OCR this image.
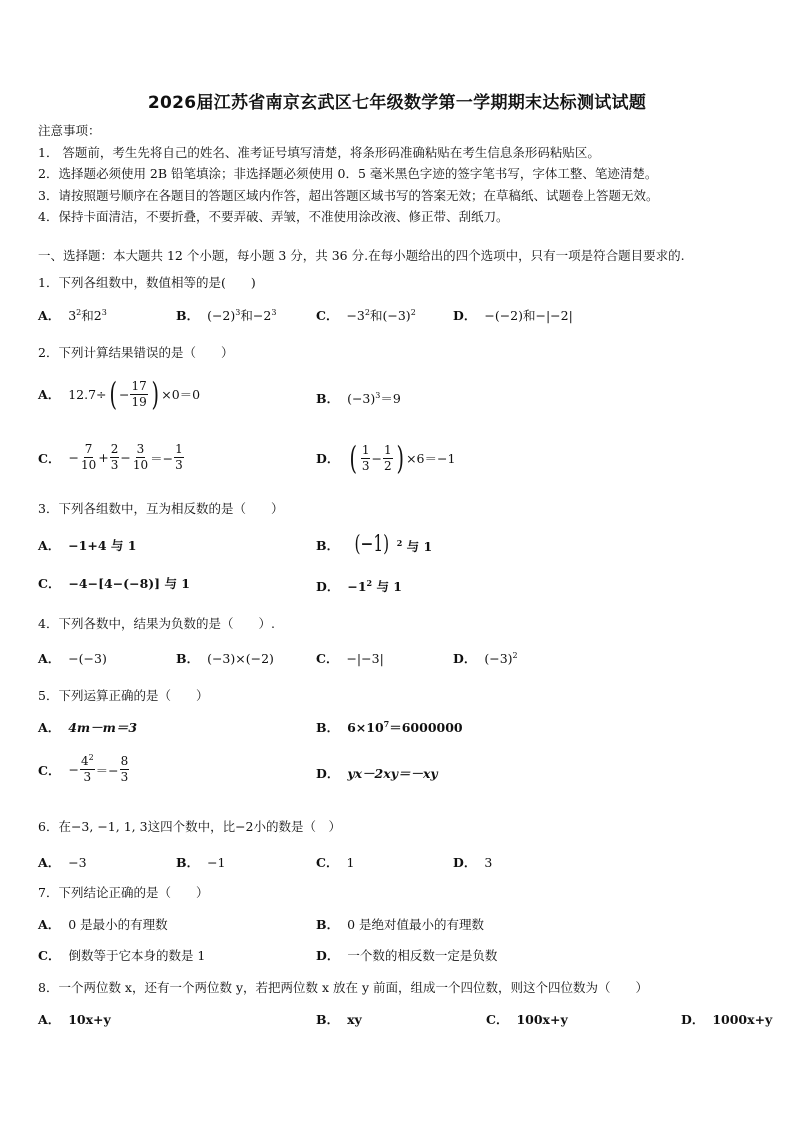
2026届江苏省南京玄武区七年级数学第一学期期末达标测试试题
注意事项：
1． 答题前，考生先将自己的姓名、准考证号填写清楚，将条形码准确粘贴在考生信息条形码粘贴区。
2．选择题必须使用 2B 铅笔填涂；非选择题必须使用 0．5 毫米黑色字迹的签字笔书写，字体工整、笔迹清楚。
3．请按照题号顺序在各题目的答题区域内作答，超出答题区域书写的答案无效；在草稿纸、试题卷上答题无效。
4．保持卡面清洁，不要折叠，不要弄破、弄皱，不准使用涂改液、修正带、刮纸刀。
一、选择题：本大题共 12 个小题，每小题 3 分，共 36 分.在每小题给出的四个选项中，只有一项是符合题目要求的.
1．下列各组数中，数值相等的是(　　)
A． $3^2$和$2^3$	B． $(-2)^3$和$-2^3$	C． $-3^2$和$(-3)^2$	D． −(−2)和−|−2|
2．下列计算结果错误的是（　　）
A． 12.7÷ ( − $\frac{17}{19}$ ) ×0＝0	B． $(-3)^3=9$
C． − $\frac{7}{10} + \frac{2}{3} - \frac{3}{10} =- \frac{1}{3}$	D． ( $\frac{1}{3} - \frac{1}{2}$ ) ×6＝−1
3．下列各组数中，互为相反数的是（　　）
A． −1+4 与 1	B． (−1) $^2$ 与 1
C． −4−[4−(−8)] 与 1	D． $-1^2$ 与 1
4．下列各数中，结果为负数的是（　　）.
A． −(−3)	B． (−3)×(−2)	C． −|−3|	D． $(-3)^2$
5．下列运算正确的是（　　）
A． 4m－m＝3	B． $6\times 10^7=6000000$
C． − $\frac{4^2}{3} =- \frac{8}{3}$	D． yx－2xy＝－xy
6．在−3, −1, 1, 3这四个数中，比−2小的数是（　）
A． −3	B． −1	C． 1	D． 3
7．下列结论正确的是（　　）
A． 0 是最小的有理数	B． 0 是绝对值最小的有理数
C． 倒数等于它本身的数是 1	D． 一个数的相反数一定是负数
8．一个两位数 x，还有一个两位数 y，若把两位数 x 放在 y 前面，组成一个四位数，则这个四位数为（　　）
A． 10x+y	B． xy	C． 100x+y	D． 1000x+y
